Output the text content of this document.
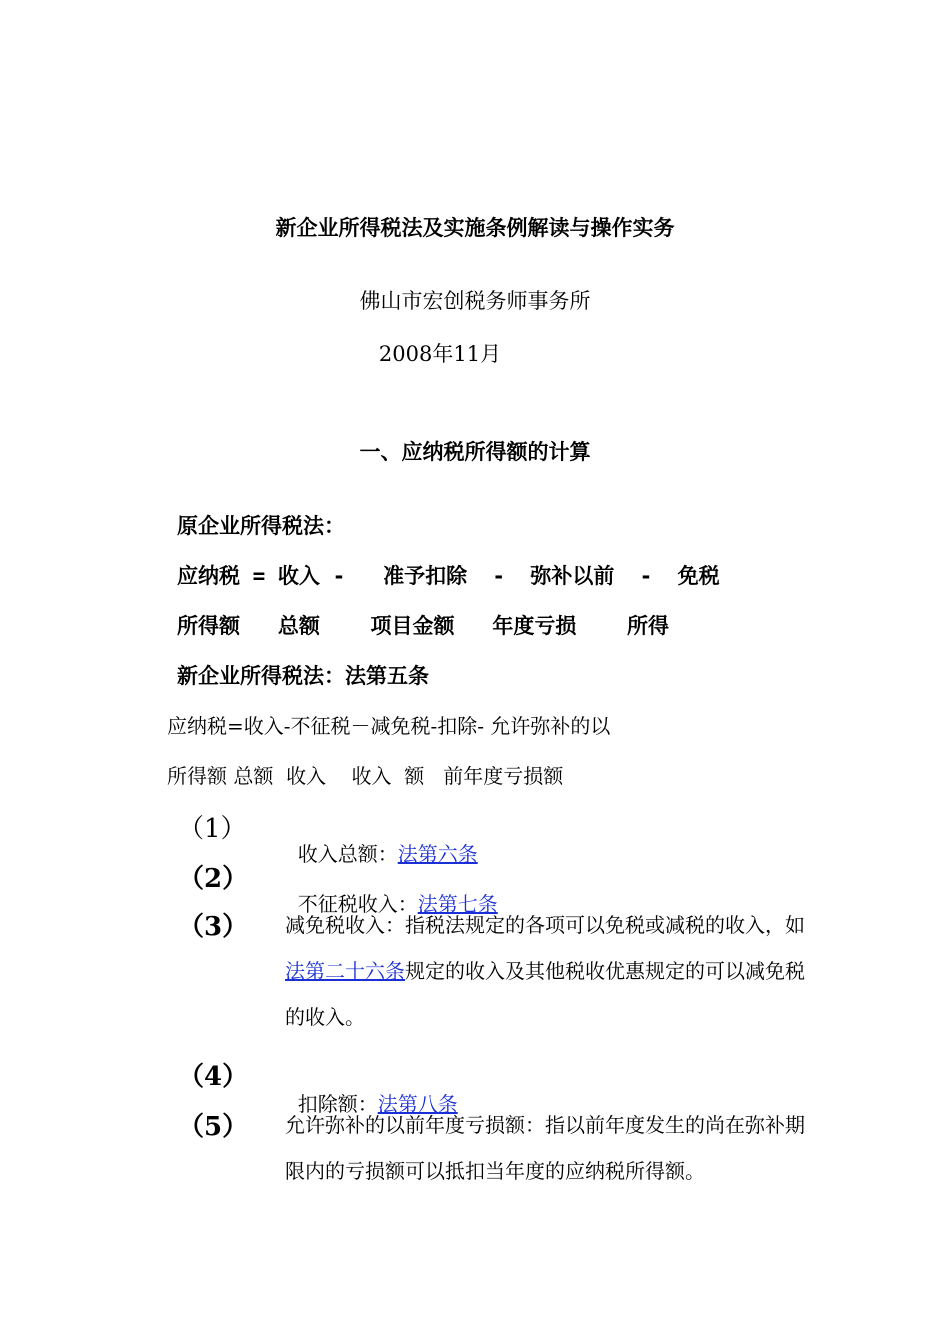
新企业所得税法及实施条例解读与操作实务
佛山市宏创税务师事务所
2008年11月
一、应纳税所得额的计算
原企业所得税法：
应纳税 = 收入 -   准予扣除  -  弥补以前  -  免税
所得额   总额    项目金额   年度亏损    所得
新企业所得税法：法第五条
应纳税=收入-不征税－减免税-扣除- 允许弥补的以
所得额 总额  收入    收入  额   前年度亏损额
（1）

收入总额：法第六条

（2）

不征税收入：法第七条

（3） 减免税收入：指税法规定的各项可以免税或减税的收入，如法第二十六条规定的收入及其他税收优惠规定的可以减免税的收入。
（4）

扣除额：法第八条

（5） 允许弥补的以前年度亏损额：指以前年度发生的尚在弥补期限内的亏损额可以抵扣当年度的应纳税所得额。
